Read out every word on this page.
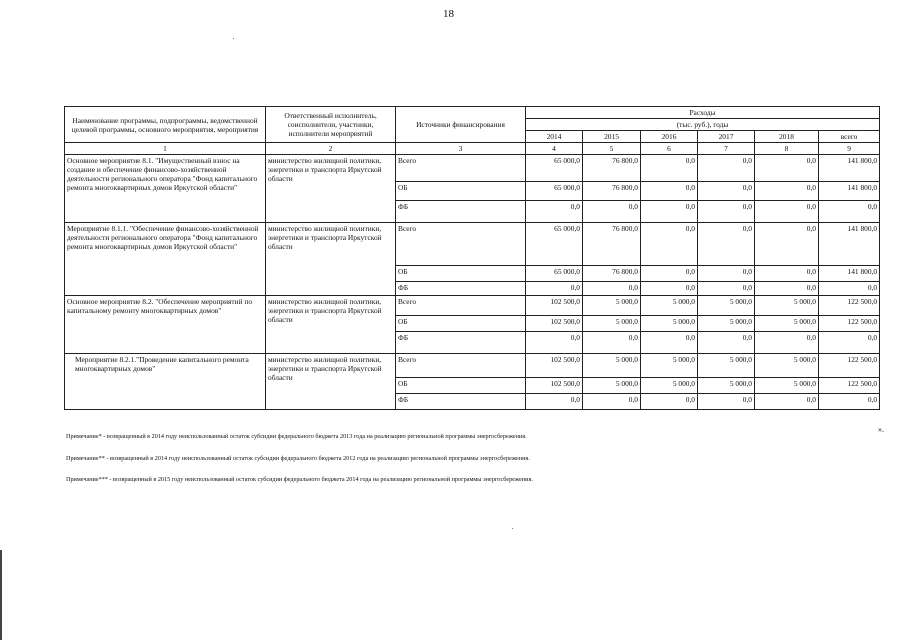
18
Наименование программы, подпрограммы, ведомственной целевой программы, основного мероприятия, мероприятия	Ответственный исполнитель, соисполнители, участники, исполнители мероприятий	Источники финансирования	Расходы					
			(тыс. руб.), годы					
			2014	2015	2016	2017	2018	всего
1	2	3	4	5	6	7	8	9
Основное мероприятие 8.1. "Имущественный взнос на создание и обеспечение финансово-хозяйственной деятельности регионального оператора "Фонд капитального ремонта многоквартирных домов Иркутской области"	министерство жилищной политики, энергетики и транспорта Иркутской области	Всего	65 000,0	76 800,0	0,0	0,0	0,0	141 800,0
		ОБ	65 000,0	76 800,0	0,0	0,0	0,0	141 800,0
		ФБ	0,0	0,0	0,0	0,0	0,0	0,0
Мероприятие 8.1.1. "Обеспечение финансово-хозяйственной деятельности регионального оператора "Фонд капитального ремонта многоквартирных домов Иркутской области"	министерство жилищной политики, энергетики и транспорта Иркутской области	Всего	65 000,0	76 800,0	0,0	0,0	0,0	141 800,0
		ОБ	65 000,0	76 800,0	0,0	0,0	0,0	141 800,0
		ФБ	0,0	0,0	0,0	0,0	0,0	0,0
Основное мероприятие 8.2. "Обеспечение мероприятий по капитальному ремонту многоквартирных домов"	министерство жилищной политики, энергетики и транспорта Иркутской области	Всего	102 500,0	5 000,0	5 000,0	5 000,0	5 000,0	122 500,0
		ОБ	102 500,0	5 000,0	5 000,0	5 000,0	5 000,0	122 500,0
		ФБ	0,0	0,0	0,0	0,0	0,0	0,0
Мероприятие 8.2.1."Проведение капитального ремонта многоквартирных домов"	министерство жилищной политики, энергетики и транспорта Иркутской области	Всего	102 500,0	5 000,0	5 000,0	5 000,0	5 000,0	122 500,0
		ОБ	102 500,0	5 000,0	5 000,0	5 000,0	5 000,0	122 500,0
		ФБ	0,0	0,0	0,0	0,0	0,0	0,0
».
Примечание* - возвращенный в 2014 году неиспользованный остаток субсидии федерального бюджета 2013 года на реализацию региональной программы энергосбережения.
Примечание** - возвращенный в 2014 году неиспользованный остаток субсидии федерального бюджета 2012 года на реализацию региональной программы энергосбережения.
Примечание*** - возвращенный в 2015 году неиспользованный остаток субсидии федерального бюджета 2014 года на реализацию региональной программы энергосбережения.
